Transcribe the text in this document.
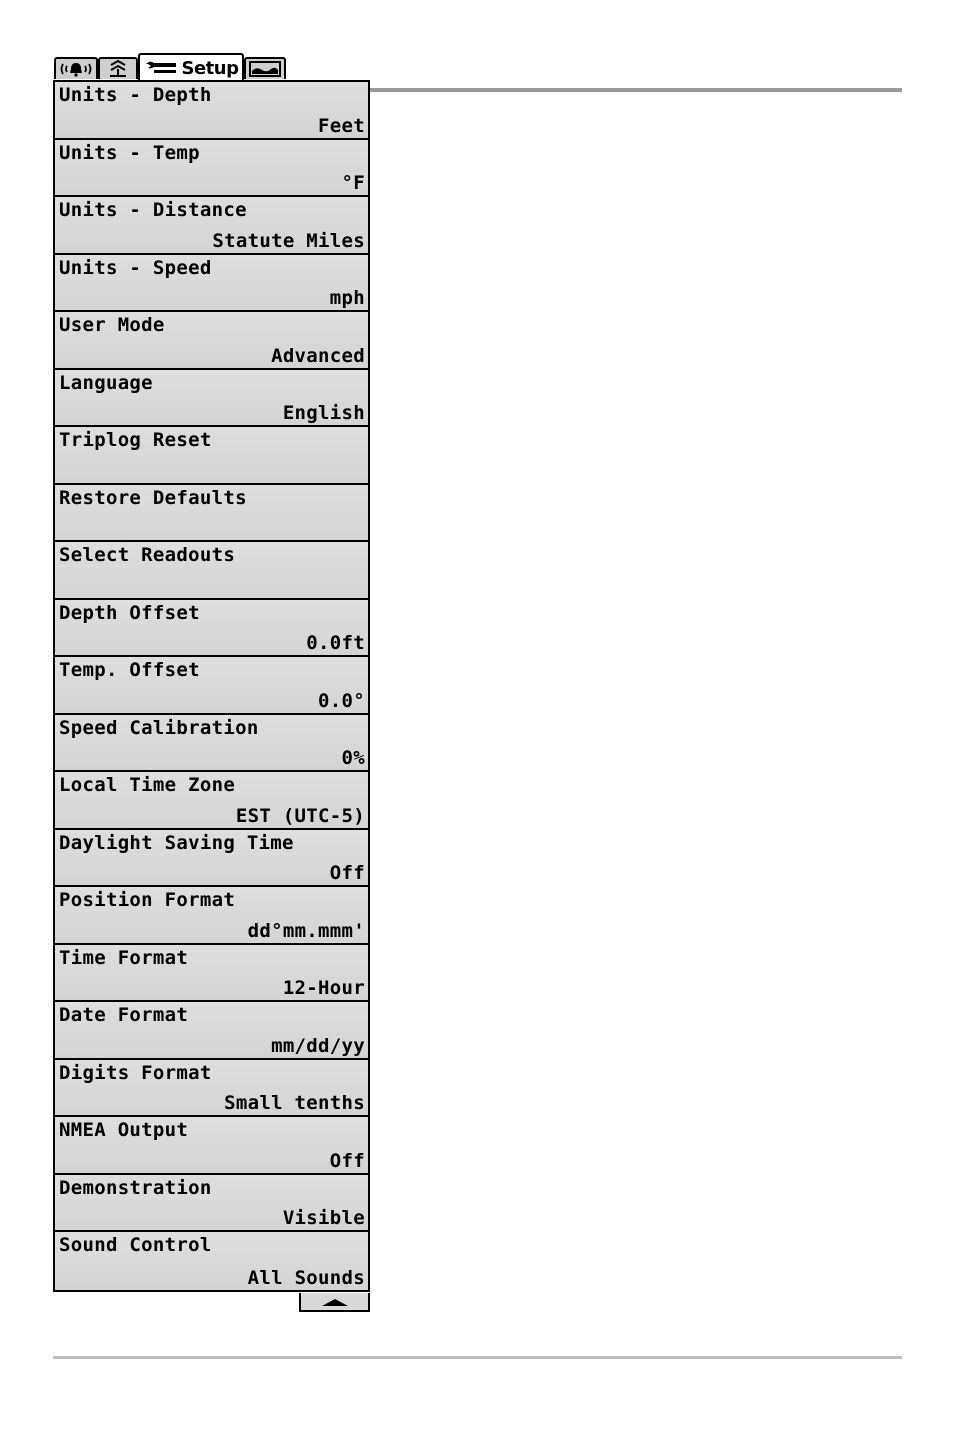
Setup
Units - Depth
Feet
Units - Temp
°F
Units - Distance
Statute Miles
Units - Speed
mph
User Mode
Advanced
Language
English
Triplog Reset
Restore Defaults
Select Readouts
Depth Offset
0.0ft
Temp. Offset
0.0°
Speed Calibration
0%
Local Time Zone
EST (UTC-5)
Daylight Saving Time
Off
Position Format
dd°mm.mmm'
Time Format
12-Hour
Date Format
mm/dd/yy
Digits Format
Small tenths
NMEA Output
Off
Demonstration
Visible
Sound Control
All Sounds
